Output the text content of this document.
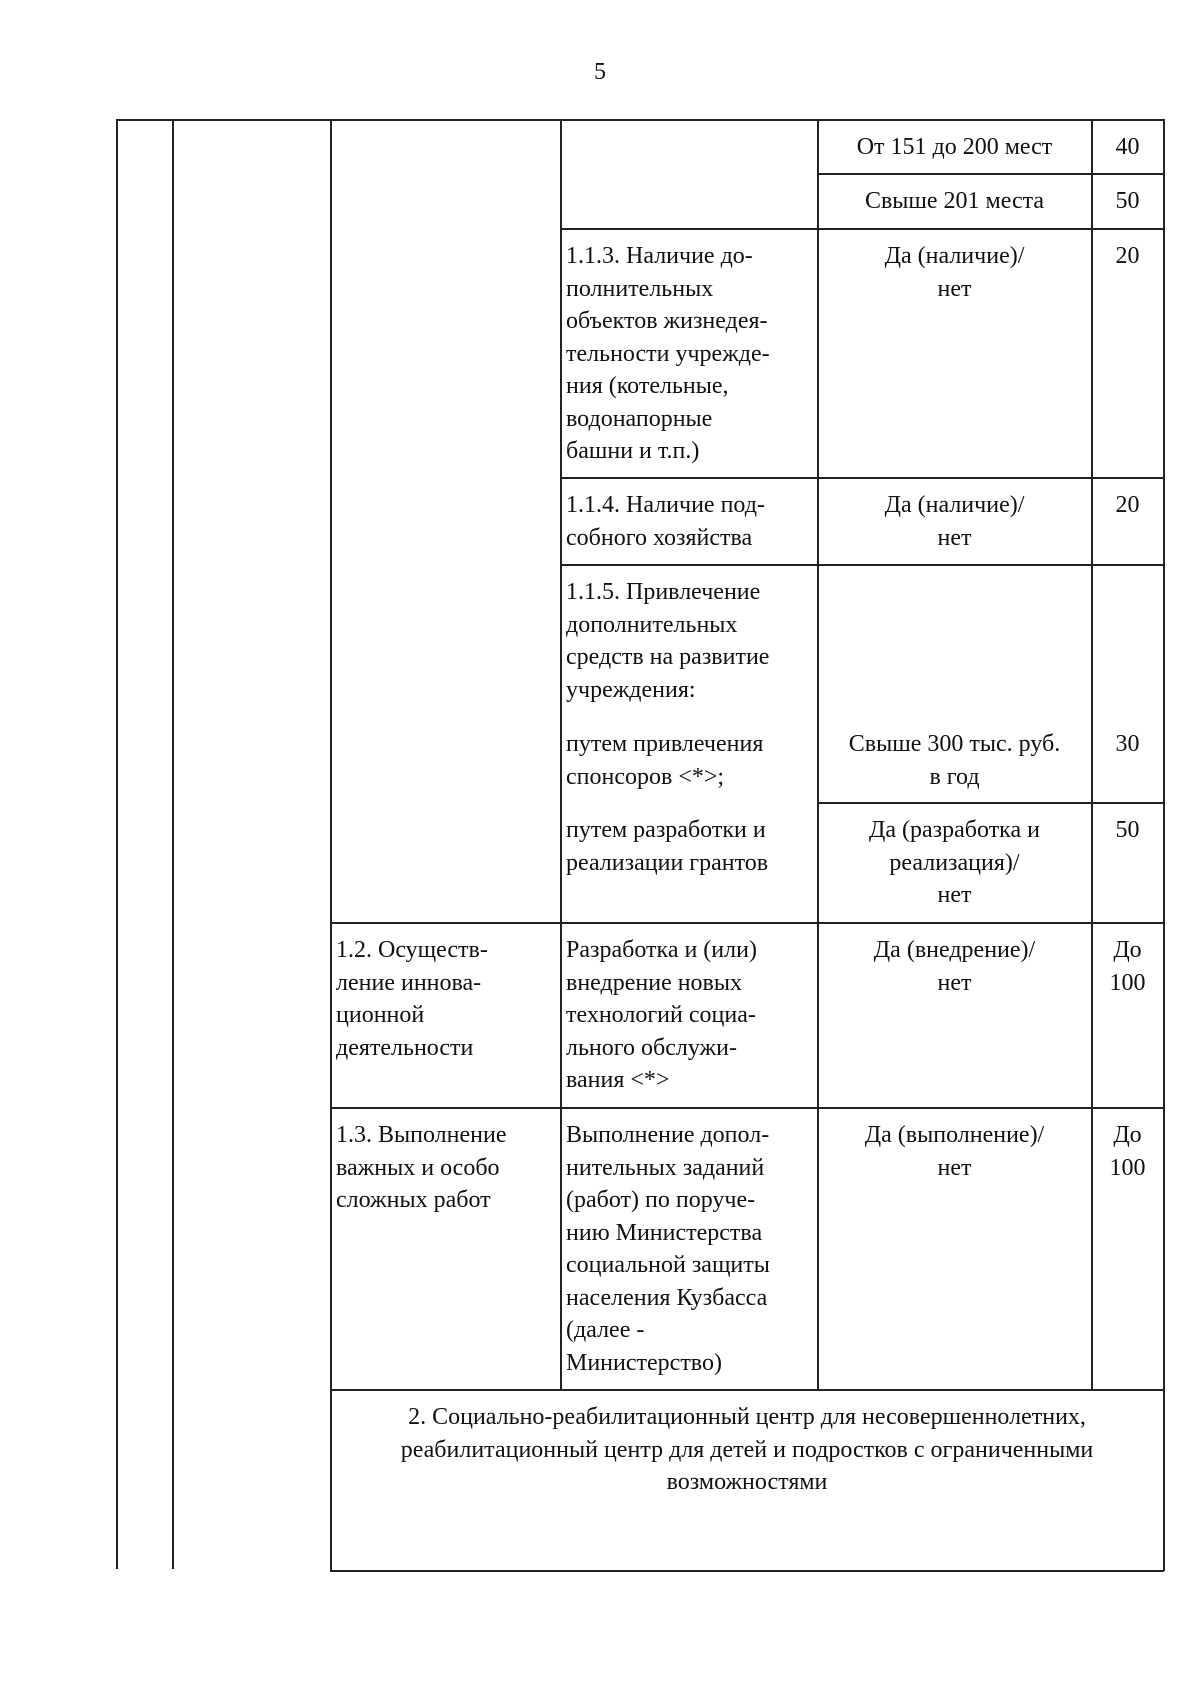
5
От 151 до 200 мест	40
Свыше 201 места	50
1.1.3. Наличие до-
полнительных
объектов жизнедея-
тельности учрежде-
ния (котельные,
водонапорные
башни и т.п.)
Да (наличие)/
нет
20
1.1.4. Наличие под-
собного хозяйства
Да (наличие)/
нет
20
1.1.5. Привлечение
дополнительных
средств на развитие
учреждения:
путем привлечения
спонсоров <*>;
Свыше 300 тыс. руб.
в год
30
путем разработки и
реализации грантов
Да (разработка и
реализация)/
нет
50
1.2. Осуществ-
ление иннова-
ционной
деятельности
Разработка и (или)
внедрение новых
технологий социа-
льного обслужи-
вания <*>
Да (внедрение)/
нет
До
100
1.3. Выполнение
важных и особо
сложных работ
Выполнение допол-
нительных заданий
(работ) по поруче-
нию Министерства
социальной защиты
населения Кузбасса
(далее -
Министерство)
Да (выполнение)/
нет
До
100
2. Социально-реабилитационный центр для несовершеннолетних,
реабилитационный центр для детей и подростков с ограниченными
возможностями
